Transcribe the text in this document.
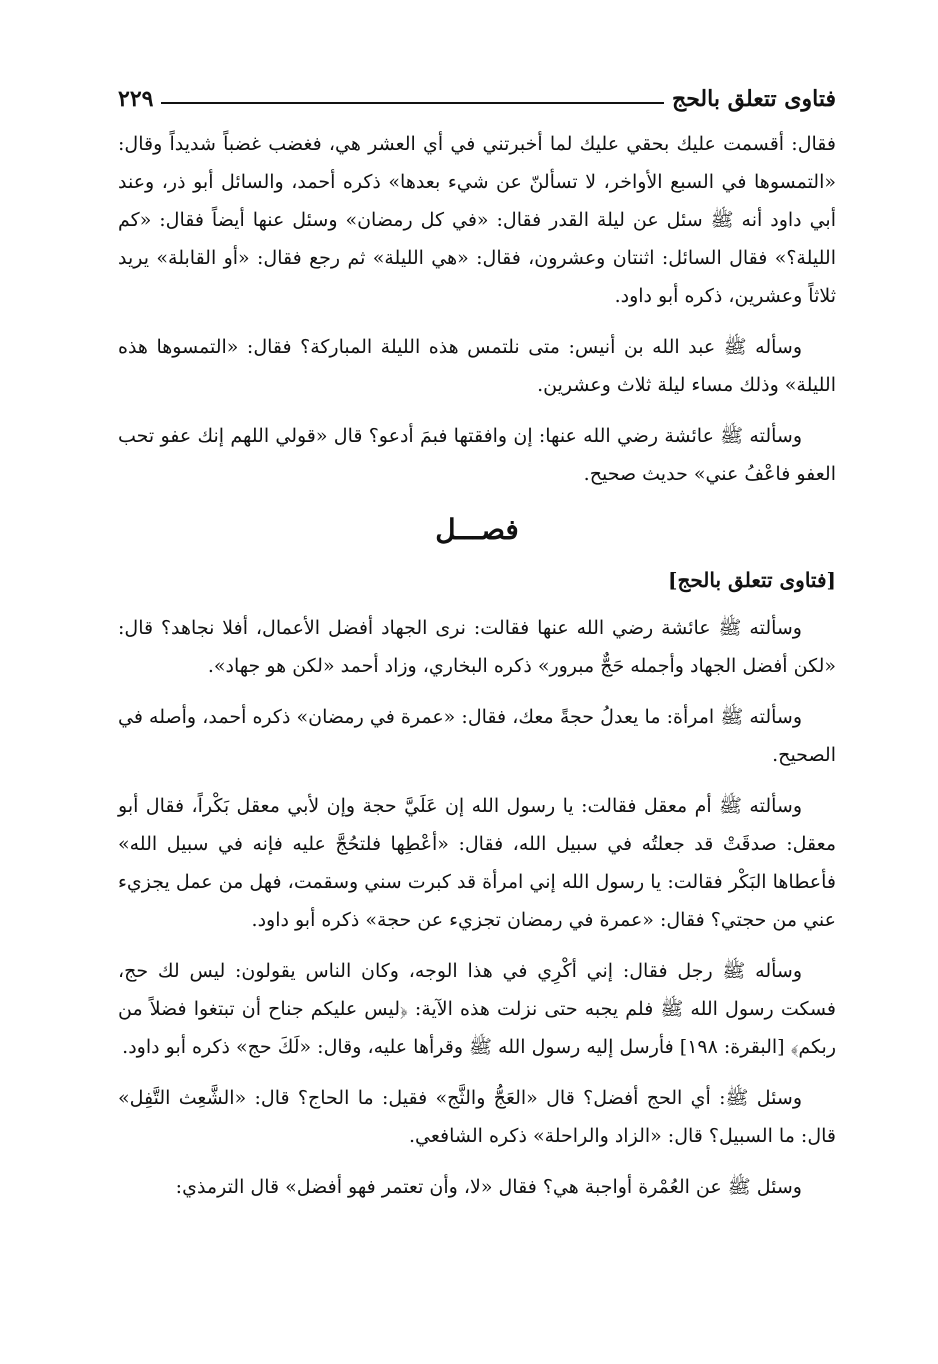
فتاوى تتعلق بالحج
٢٢٩

فقال: أقسمت عليك بحقي عليك لما أخبرتني في أي العشر هي، فغضب غضباً شديداً وقال: «التمسوها في السبع الأواخر، لا تسألنّ عن شيء بعدها» ذكره أحمد، والسائل أبو ذر، وعند أبي داود أنه ﷺ سئل عن ليلة القدر فقال: «في كل رمضان» وسئل عنها أيضاً فقال: «كم الليلة؟» فقال السائل: اثنتان وعشرون، فقال: «هي الليلة» ثم رجع فقال: «أو القابلة» يريد ثلاثاً وعشرين، ذكره أبو داود.

وسأله ﷺ عبد الله بن أنيس: متى نلتمس هذه الليلة المباركة؟ فقال: «التمسوها هذه الليلة» وذلك مساء ليلة ثلاث وعشرين.

وسألته ﷺ عائشة رضي الله عنها: إن وافقتها فبمَ أدعو؟ قال «قولي اللهم إنك عفو تحب العفو فاعْفُ عني» حديث صحيح.

فصـــل
[فتاوى تتعلق بالحج]

وسألته ﷺ عائشة رضي الله عنها فقالت: نرى الجهاد أفضل الأعمال، أفلا نجاهد؟ قال: «لكن أفضل الجهاد وأجمله حَجٌّ مبرور» ذكره البخاري، وزاد أحمد «لكن هو جهاد».

وسألته ﷺ امرأة: ما يعدلُ حجةً معك، فقال: «عمرة في رمضان» ذكره أحمد، وأصله في الصحيح.

وسألته ﷺ أم معقل فقالت: يا رسول الله إن عَلَيَّ حجة وإن لأبي معقل بَكْراً، فقال أبو معقل: صدقَتْ قد جعلتُه في سبيل الله، فقال: «أعْطِها فلتحُجَّ عليه فإنه في سبيل الله» فأعطاها البَكْر فقالت: يا رسول الله إني امرأة قد كبرت سني وسقمت، فهل من عمل يجزيء عني من حجتي؟ فقال: «عمرة في رمضان تجزيء عن حجة» ذكره أبو داود.

وسأله ﷺ رجل فقال: إني أكْرِي في هذا الوجه، وكان الناس يقولون: ليس لك حج، فسكت رسول الله ﷺ فلم يجبه حتى نزلت هذه الآية: ﴿ليس عليكم جناح أن تبتغوا فضلاً من ربكم﴾ [البقرة: ١٩٨] فأرسل إليه رسول الله ﷺ وقرأها عليه، وقال: «لَكَ حج» ذكره أبو داود.

وسئل ﷺ: أي الحج أفضل؟ قال «العَجُّ والثَّج» فقيل: ما الحاج؟ قال: «الشَّعِث التَّفِل» قال: ما السبيل؟ قال: «الزاد والراحلة» ذكره الشافعي.

وسئل ﷺ عن العُمْرة أواجبة هي؟ فقال «لا، وأن تعتمر فهو أفضل» قال الترمذي:
